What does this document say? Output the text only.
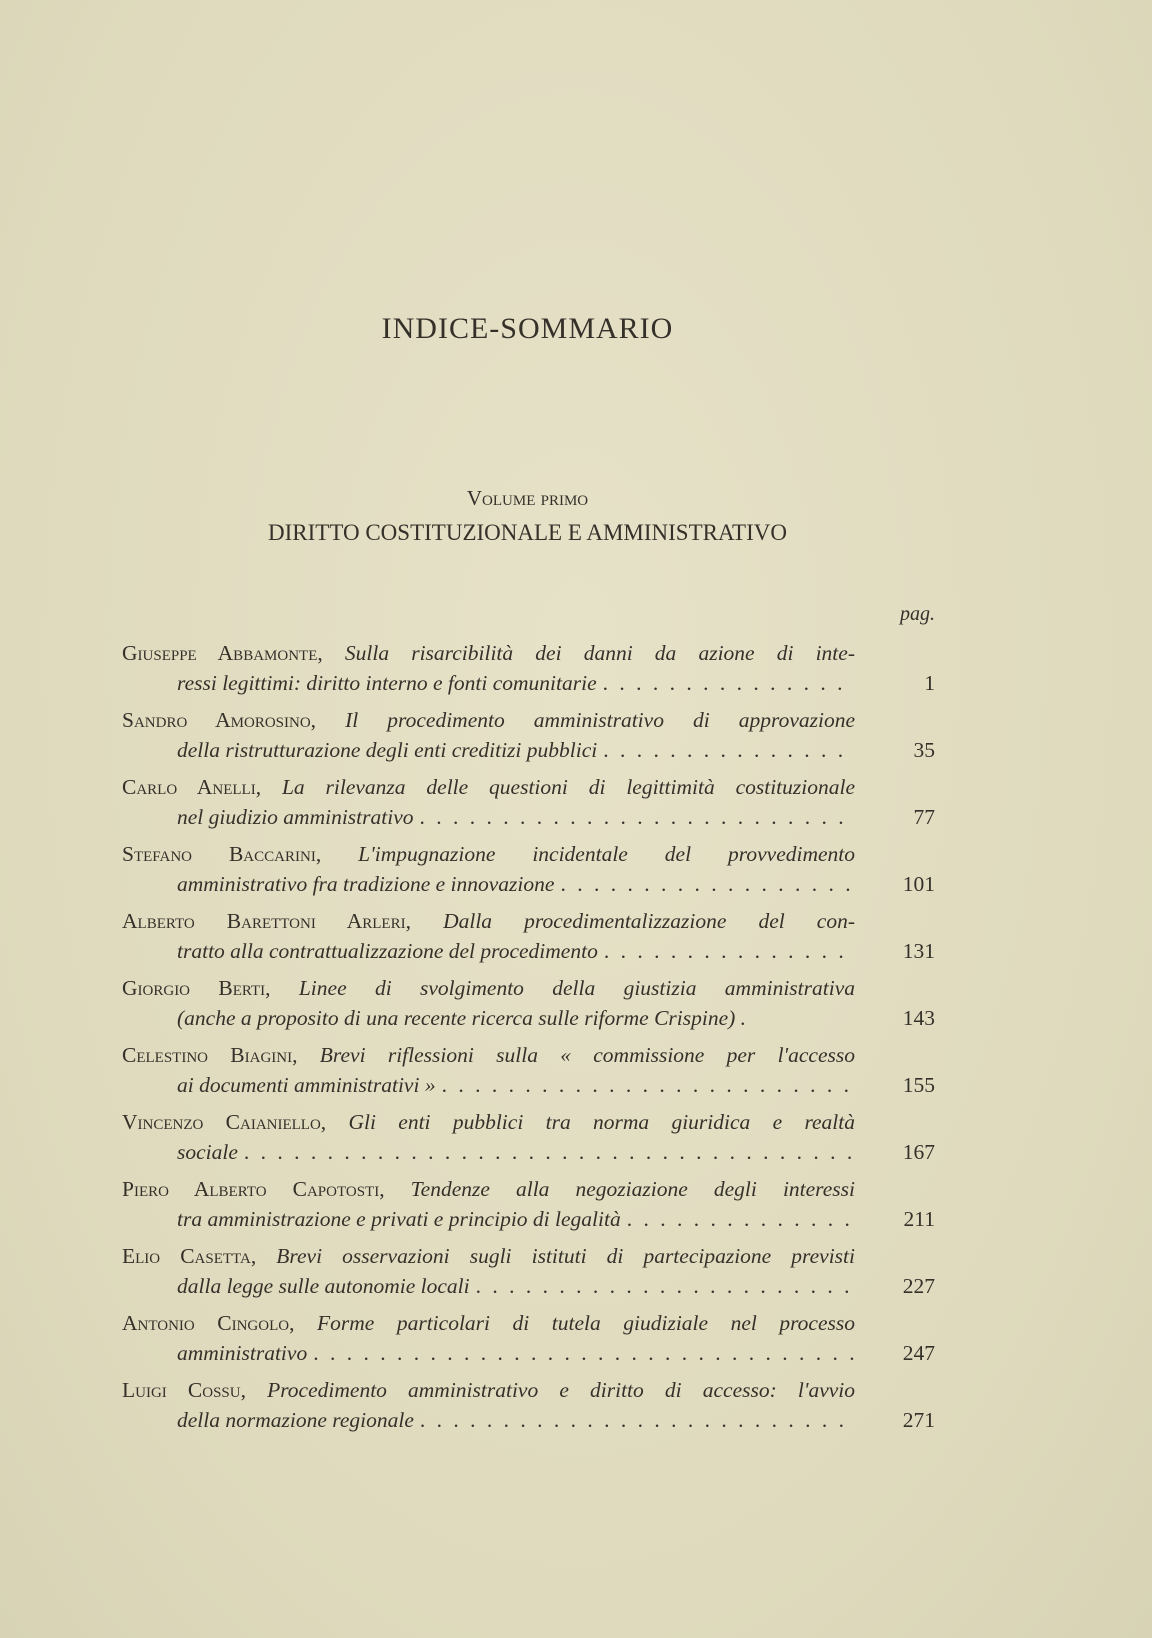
INDICE-SOMMARIO
Volume primo
DIRITTO COSTITUZIONALE E AMMINISTRATIVO
pag.
Giuseppe Abbamonte, Sulla risarcibilità dei danni da azione di inte-
ressi legittimi: diritto interno e fonti comunitarie . . .	1
Sandro Amorosino, Il procedimento amministrativo di approvazione
della ristrutturazione degli enti creditizi pubblici . . .	35
Carlo Anelli, La rilevanza delle questioni di legittimità costituzionale
nel giudizio amministrativo . . .	77
Stefano Baccarini, L'impugnazione incidentale del provvedimento
amministrativo fra tradizione e innovazione . . .	101
Alberto Barettoni Arleri, Dalla procedimentalizzazione del con-
tratto alla contrattualizzazione del procedimento . . .	131
Giorgio Berti, Linee di svolgimento della giustizia amministrativa
(anche a proposito di una recente ricerca sulle riforme Crispine) .	143
Celestino Biagini, Brevi riflessioni sulla « commissione per l'accesso
ai documenti amministrativi » . . .	155
Vincenzo Caianiello, Gli enti pubblici tra norma giuridica e realtà
sociale . . .	167
Piero Alberto Capotosti, Tendenze alla negoziazione degli interessi
tra amministrazione e privati e principio di legalità . . .	211
Elio Casetta, Brevi osservazioni sugli istituti di partecipazione previsti
dalla legge sulle autonomie locali . . .	227
Antonio Cingolo, Forme particolari di tutela giudiziale nel processo
amministrativo . . .	247
Luigi Cossu, Procedimento amministrativo e diritto di accesso: l'avvio
della normazione regionale . . .	271
